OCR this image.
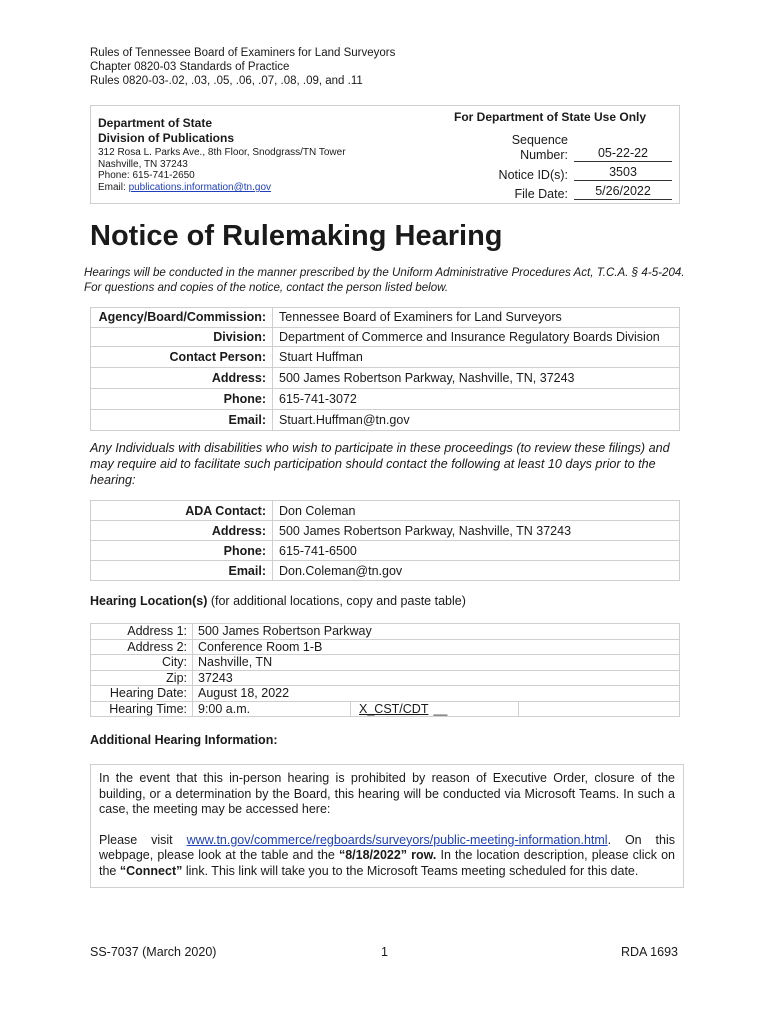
Rules of Tennessee Board of Examiners for Land Surveyors
Chapter 0820-03 Standards of Practice
Rules 0820-03-.02, .03, .05, .06, .07, .08, .09, and .11
Department of State
Division of Publications
312 Rosa L. Parks Ave., 8th Floor, Snodgrass/TN Tower
Nashville, TN 37243
Phone: 615-741-2650
Email: publications.information@tn.gov
For Department of State Use Only
Sequence
Number:	05-22-22
Notice ID(s):	3503
File Date:	5/26/2022
Notice of Rulemaking Hearing
Hearings will be conducted in the manner prescribed by the Uniform Administrative Procedures Act, T.C.A. § 4-5-204.
For questions and copies of the notice, contact the person listed below.
Agency/Board/Commission:	Tennessee Board of Examiners for Land Surveyors
Division:	Department of Commerce and Insurance Regulatory Boards Division
Contact Person:	Stuart Huffman
Address:	500 James Robertson Parkway, Nashville, TN, 37243
Phone:	615-741-3072
Email:	Stuart.Huffman@tn.gov
Any Individuals with disabilities who wish to participate in these proceedings (to review these filings) and
may require aid to facilitate such participation should contact the following at least 10 days prior to the
hearing:
ADA Contact:	Don Coleman
Address:	500 James Robertson Parkway, Nashville, TN 37243
Phone:	615-741-6500
Email:	Don.Coleman@tn.gov
Hearing Location(s) (for additional locations, copy and paste table)
Address 1:	500 James Robertson Parkway		
Address 2:	Conference Room 1-B		
City:	Nashville, TN		
Zip:	37243		
Hearing Date:	August 18, 2022		
Hearing Time:	9:00 a.m.	X_CST/CDT __	
Additional Hearing Information:
In the event that this in-person hearing is prohibited by reason of Executive Order, closure of the building, or a determination by the Board, this hearing will be conducted via Microsoft Teams. In such a case, the meeting may be accessed here:
Please visit www.tn.gov/commerce/regboards/surveyors/public-meeting-information.html. On this webpage, please look at the table and the “8/18/2022” row. In the location description, please click on the “Connect” link. This link will take you to the Microsoft Teams meeting scheduled for this date.
SS-7037 (March 2020)	1	RDA 1693
